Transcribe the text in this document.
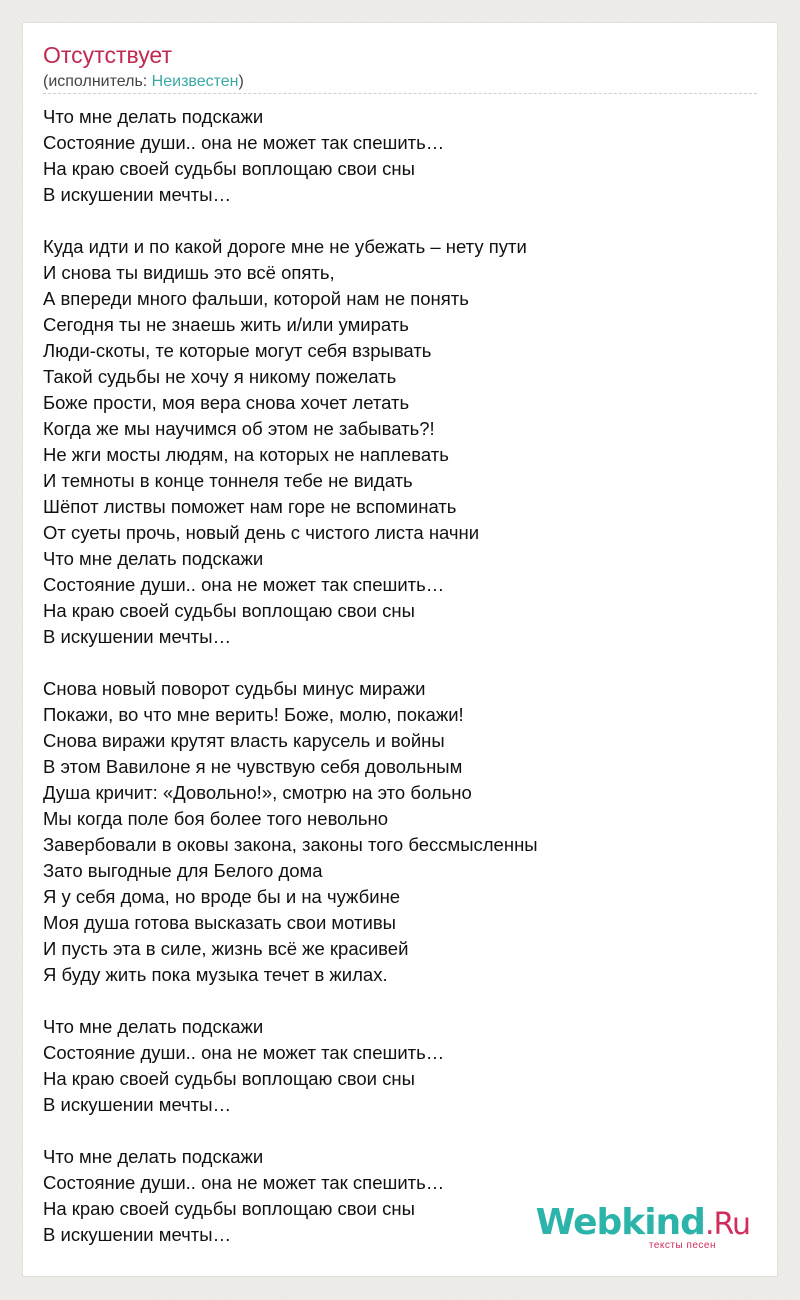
Отсутствует
(исполнитель: Неизвестен)
Что мне делать подскажи
Состояние души.. она не может так спешить…
На краю своей судьбы воплощаю свои сны
В искушении мечты…
Куда идти и по какой дороге мне не убежать – нету пути
И снова ты видишь это всё опять,
А впереди много фальши, которой нам не понять
Сегодня ты не знаешь жить и/или умирать
Люди-скоты, те которые могут себя взрывать
Такой судьбы не хочу я никому пожелать
Боже прости, моя вера снова хочет летать
Когда же мы научимся об этом не забывать?!
Не жги мосты людям, на которых не наплевать
И темноты в конце тоннеля тебе не видать
Шёпот листвы поможет нам горе не вспоминать
От суеты прочь, новый день с чистого листа начни
Что мне делать подскажи
Состояние души.. она не может так спешить…
На краю своей судьбы воплощаю свои сны
В искушении мечты…
Снова новый поворот судьбы минус миражи
Покажи, во что мне верить! Боже, молю, покажи!
Снова виражи крутят власть карусель и войны
В этом Вавилоне я не чувствую себя довольным
Душа кричит: «Довольно!», смотрю на это больно
Мы когда поле боя более того невольно
Завербовали в оковы закона, законы того бессмысленны
Зато выгодные для Белого дома
Я у себя дома, но вроде бы и на чужбине
Моя душа готова высказать свои мотивы
И пусть эта в силе, жизнь всё же красивей
Я буду жить пока музыка течет в жилах.
Что мне делать подскажи
Состояние души.. она не может так спешить…
На краю своей судьбы воплощаю свои сны
В искушении мечты…
Что мне делать подскажи
Состояние души.. она не может так спешить…
На краю своей судьбы воплощаю свои сны
В искушении мечты…	Webkind.Ru
тексты песен
